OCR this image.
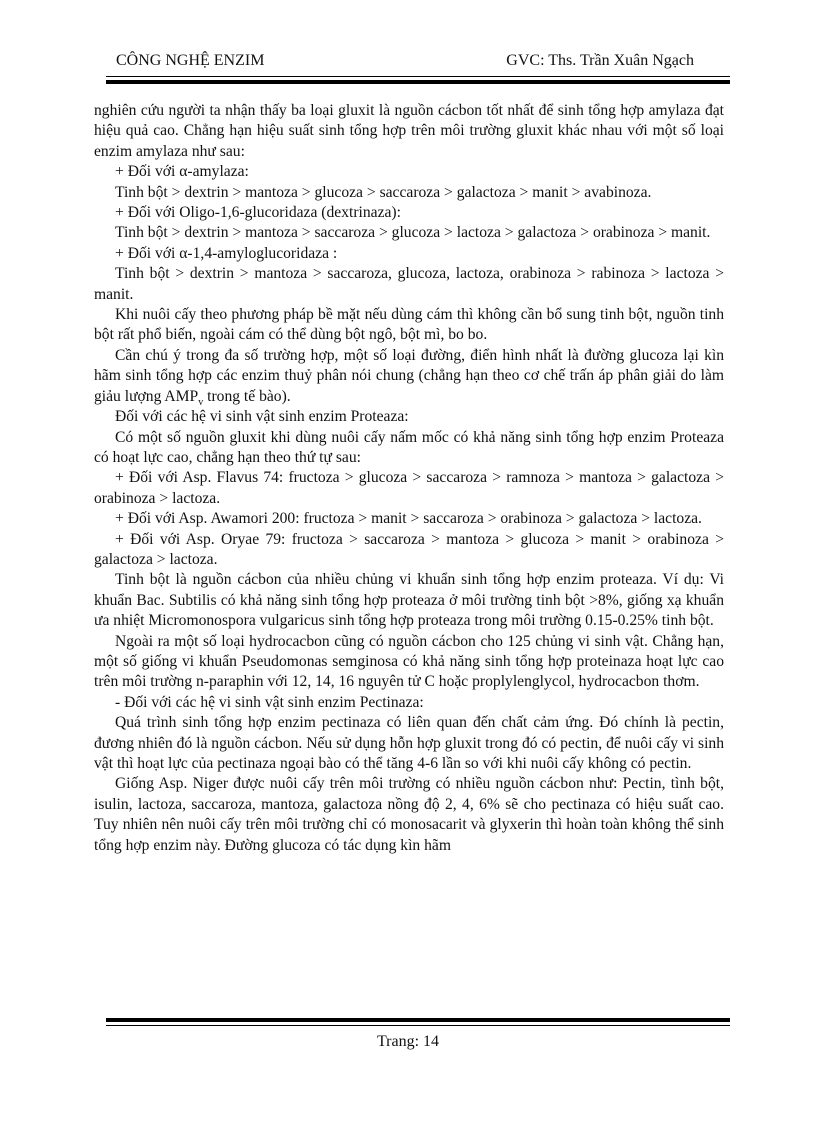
CÔNG NGHỆ ENZIM	GVC: Ths. Trần Xuân Ngạch

nghiên cứu người ta nhận thấy ba loại gluxit là nguồn cácbon tốt nhất để sinh tổng hợp amylaza đạt hiệu quả cao. Chẳng hạn hiệu suất sinh tổng hợp trên môi trường gluxit khác nhau với một số loại enzim amylaza như sau:

+ Đối với α-amylaza:

Tinh bột > dextrin > mantoza > glucoza > saccaroza > galactoza > manit > avabinoza.

+ Đối với Oligo-1,6-glucoridaza (dextrinaza):

Tinh bột > dextrin > mantoza > saccaroza > glucoza > lactoza > galactoza > orabinoza > manit.

+ Đối với α-1,4-amyloglucoridaza :

Tinh bột > dextrin > mantoza > saccaroza, glucoza, lactoza, orabinoza > rabinoza > lactoza > manit.

Khi nuôi cấy theo phương pháp bề mặt nếu dùng cám thì không cần bổ sung tinh bột, nguồn tinh bột rất phổ biến, ngoài cám có thể dùng bột ngô, bột mì, bo bo.

Cần chú ý trong đa số trường hợp, một số loại đường, điển hình nhất là đường glucoza lại kìn hãm sinh tổng hợp các enzim thuỷ phân nói chung (chẳng hạn theo cơ chế trấn áp phân giải do làm giảu lượng $AMP_v$ trong tế bào).

Đối với các hệ vi sinh vật sinh enzim Proteaza:

Có một số nguồn gluxit khi dùng nuôi cấy nấm mốc có khả năng sinh tổng hợp enzim Proteaza có hoạt lực cao, chẳng hạn theo thứ tự sau:

+ Đối với Asp. Flavus 74: fructoza > glucoza > saccaroza > ramnoza > mantoza > galactoza > orabinoza > lactoza.

+ Đối với Asp. Awamori 200: fructoza > manit > saccaroza > orabinoza > galactoza > lactoza.

+ Đối với Asp. Oryae 79: fructoza > saccaroza > mantoza > glucoza > manit > orabinoza > galactoza > lactoza.

Tinh bột là nguồn cácbon của nhiều chủng vi khuẩn sinh tổng hợp enzim proteaza. Ví dụ: Vi khuẩn Bac. Subtilis có khả năng sinh tổng hợp proteaza ở môi trường tinh bột >8%, giống xạ khuẩn ưa nhiệt Micromonospora vulgaricus sinh tổng hợp proteaza trong môi trường 0.15-0.25% tinh bột.

Ngoài ra một số loại hydrocacbon cũng có nguồn cácbon cho 125 chủng vi sinh vật. Chẳng hạn, một số giống vi khuẩn Pseudomonas semginosa có khả năng sinh tổng hợp proteinaza hoạt lực cao trên môi trường n-paraphin với 12, 14, 16 nguyên tử C hoặc proplylenglycol, hydrocacbon thơm.

- Đối với các hệ vi sinh vật sinh enzim Pectinaza:

Quá trình sinh tổng hợp enzim pectinaza có liên quan đến chất cảm ứng. Đó chính là pectin, đương nhiên đó là nguồn cácbon. Nếu sử dụng hỗn hợp gluxit trong đó có pectin, để nuôi cấy vi sinh vật thì hoạt lực của pectinaza ngoại bào có thể tăng 4-6 lần so với khi nuôi cấy không có pectin.

Giống Asp. Niger được nuôi cấy trên môi trường có nhiều nguồn cácbon như: Pectin, tình bột, isulin, lactoza, saccaroza, mantoza, galactoza nồng độ 2, 4, 6% sẽ cho pectinaza có hiệu suất cao. Tuy nhiên nên nuôi cấy trên môi trường chỉ có monosacarit và glyxerin thì hoàn toàn không thể sinh tổng hợp enzim này. Đường glucoza có tác dụng kìn hãm

Trang: 14
